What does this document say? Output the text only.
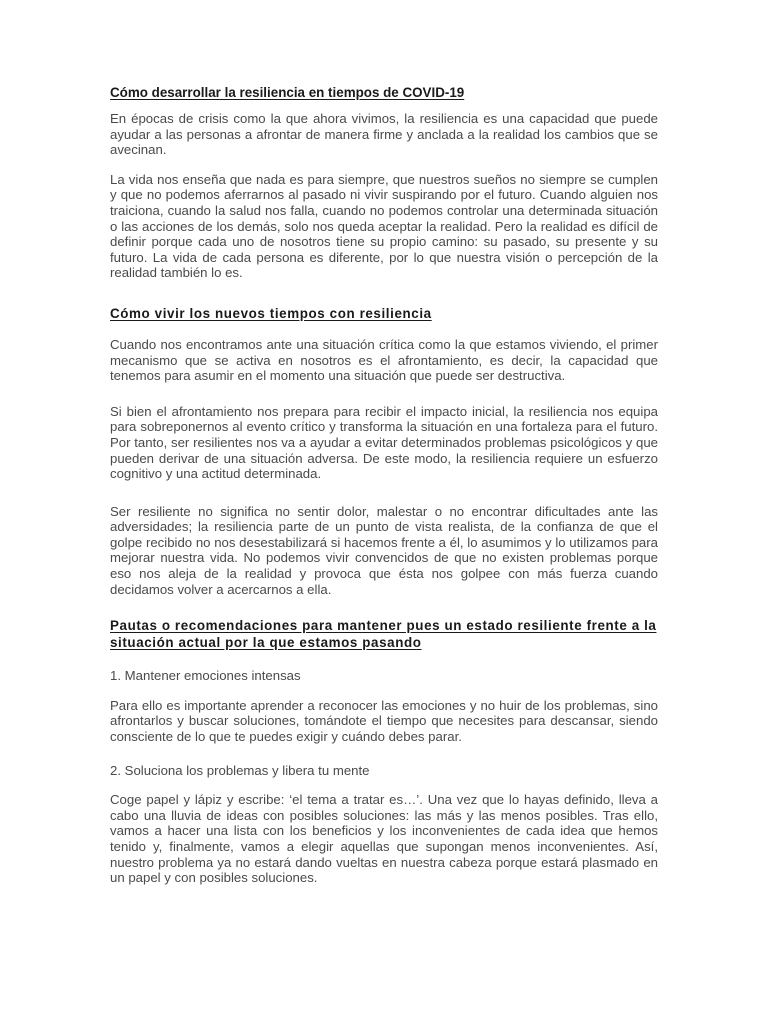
Cómo desarrollar la resiliencia en tiempos de COVID-19

En épocas de crisis como la que ahora vivimos, la resiliencia es una capacidad que puede ayudar a las personas a afrontar de manera firme y anclada a la realidad los cambios que se avecinan.

La vida nos enseña que nada es para siempre, que nuestros sueños no siempre se cumplen y que no podemos aferrarnos al pasado ni vivir suspirando por el futuro. Cuando alguien nos traiciona, cuando la salud nos falla, cuando no podemos controlar una determinada situación o las acciones de los demás, solo nos queda aceptar la realidad. Pero la realidad es difícil de definir porque cada uno de nosotros tiene su propio camino: su pasado, su presente y su futuro. La vida de cada persona es diferente, por lo que nuestra visión o percepción de la realidad también lo es.

Cómo vivir los nuevos tiempos con resiliencia

Cuando nos encontramos ante una situación crítica como la que estamos viviendo, el primer mecanismo que se activa en nosotros es el afrontamiento, es decir, la capacidad que tenemos para asumir en el momento una situación que puede ser destructiva.

Si bien el afrontamiento nos prepara para recibir el impacto inicial, la resiliencia nos equipa para sobreponernos al evento crítico y transforma la situación en una fortaleza para el futuro. Por tanto, ser resilientes nos va a ayudar a evitar determinados problemas psicológicos y que pueden derivar de una situación adversa. De este modo, la resiliencia requiere un esfuerzo cognitivo y una actitud determinada.

Ser resiliente no significa no sentir dolor, malestar o no encontrar dificultades ante las adversidades; la resiliencia parte de un punto de vista realista, de la confianza de que el golpe recibido no nos desestabilizará si hacemos frente a él, lo asumimos y lo utilizamos para mejorar nuestra vida. No podemos vivir convencidos de que no existen problemas porque eso nos aleja de la realidad y provoca que ésta nos golpee con más fuerza cuando decidamos volver a acercarnos a ella.

Pautas o recomendaciones para mantener pues un estado resiliente frente a la situación actual por la que estamos pasando

1. Mantener emociones intensas

Para ello es importante aprender a reconocer las emociones y no huir de los problemas, sino afrontarlos y buscar soluciones, tomándote el tiempo que necesites para descansar, siendo consciente de lo que te puedes exigir y cuándo debes parar.

2. Soluciona los problemas y libera tu mente

Coge papel y lápiz y escribe: ‘el tema a tratar es…’. Una vez que lo hayas definido, lleva a cabo una lluvia de ideas con posibles soluciones: las más y las menos posibles. Tras ello, vamos a hacer una lista con los beneficios y los inconvenientes de cada idea que hemos tenido y, finalmente, vamos a elegir aquellas que supongan menos inconvenientes. Así, nuestro problema ya no estará dando vueltas en nuestra cabeza porque estará plasmado en un papel y con posibles soluciones.
